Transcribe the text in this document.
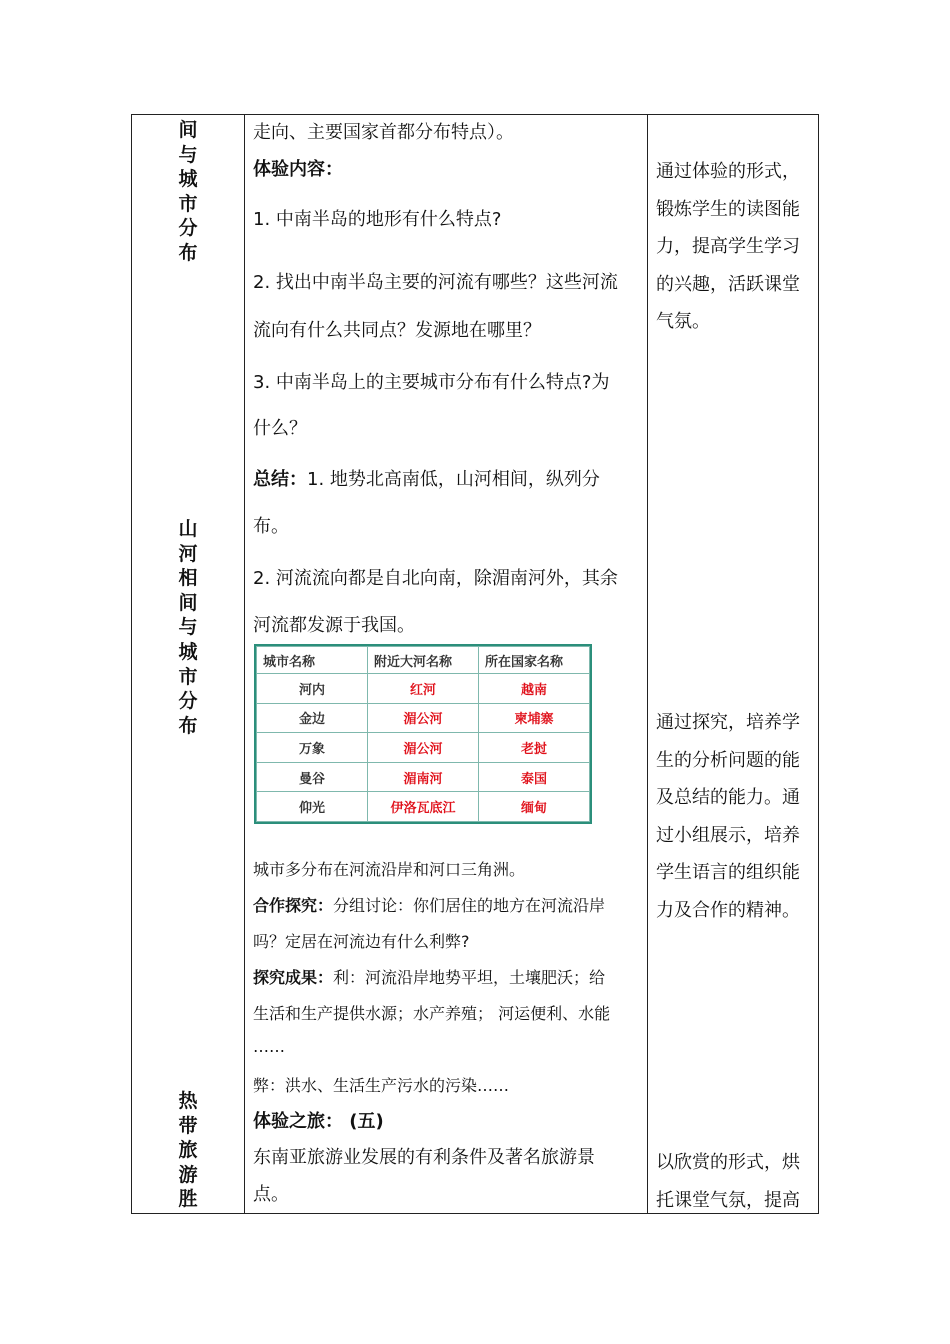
间
与
城
市
分
布
山
河
相
间
与
城
市
分
布
热
带
旅
游
胜
走向、主要国家首都分布特点）。
体验内容：
1. 中南半岛的地形有什么特点?
2. 找出中南半岛主要的河流有哪些？这些河流
流向有什么共同点？发源地在哪里？
3. 中南半岛上的主要城市分布有什么特点?为
什么？
总结：1. 地势北高南低，山河相间，纵列分
布。
2. 河流流向都是自北向南，除湄南河外，其余
河流都发源于我国。
城市多分布在河流沿岸和河口三角洲。
合作探究：分组讨论：你们居住的地方在河流沿岸
吗？定居在河流边有什么利弊?
探究成果：利：河流沿岸地势平坦，土壤肥沃；给
生活和生产提供水源；水产养殖； 河运便利、水能
……
弊：洪水、生活生产污水的污染……
体验之旅： (五)
东南亚旅游业发展的有利条件及著名旅游景
点。
城市名称	附近大河名称	所在国家名称
河内	红河	越南
金边	湄公河	柬埔寨
万象	湄公河	老挝
曼谷	湄南河	泰国
仰光	伊洛瓦底江	缅甸
通过体验的形式，
锻炼学生的读图能
力，提高学生学习
的兴趣，活跃课堂
气氛。
通过探究，培养学
生的分析问题的能
及总结的能力。通
过小组展示，培养
学生语言的组织能
力及合作的精神。
以欣赏的形式，烘
托课堂气氛，提高
